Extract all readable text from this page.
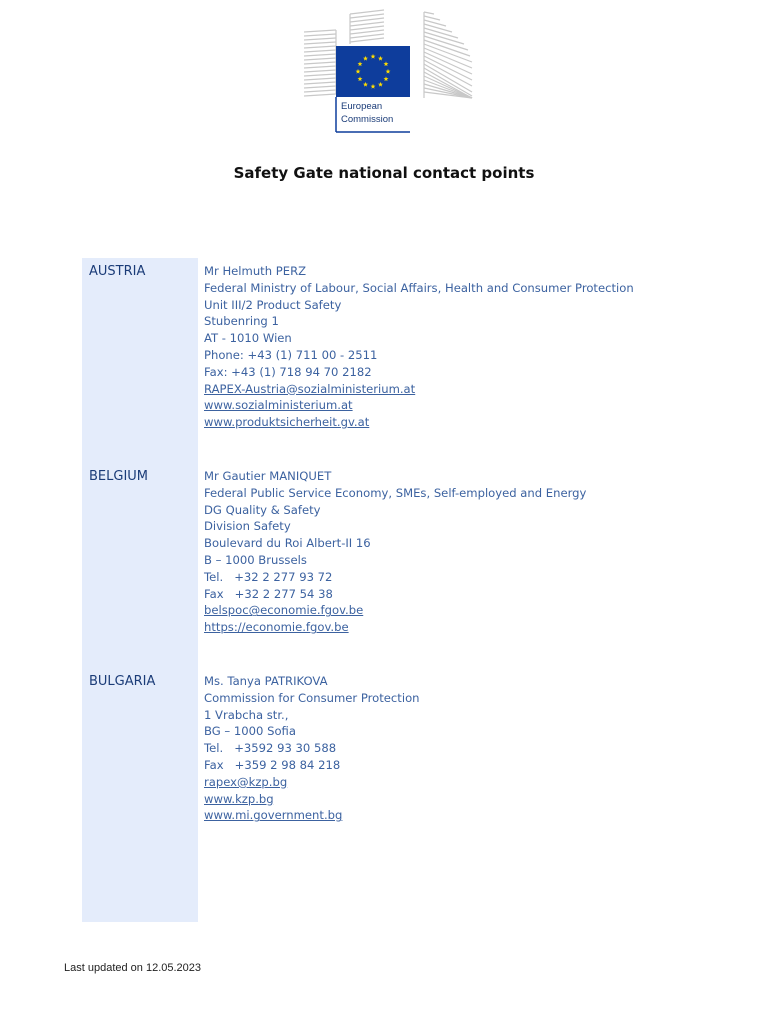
European
Commission
Safety Gate national contact points
AUSTRIA	Mr Helmuth PERZ
Federal Ministry of Labour, Social Affairs, Health and Consumer Protection
Unit III/2 Product Safety
Stubenring 1
AT - 1010 Wien
Phone: +43 (1) 711 00 - 2511
Fax: +43 (1) 718 94 70 2182
RAPEX-Austria@sozialministerium.at
www.sozialministerium.at
www.produktsicherheit.gv.at
BELGIUM	Mr Gautier MANIQUET
Federal Public Service Economy, SMEs, Self-employed and Energy
DG Quality & Safety
Division Safety
Boulevard du Roi Albert-II 16
B – 1000 Brussels
Tel.   +32 2 277 93 72
Fax   +32 2 277 54 38
belspoc@economie.fgov.be
https://economie.fgov.be
BULGARIA	Ms. Tanya PATRIKOVA
Commission for Consumer Protection
1 Vrabcha str.,
BG – 1000 Sofia
Tel.   +3592 93 30 588
Fax   +359 2 98 84 218
rapex@kzp.bg
www.kzp.bg
www.mi.government.bg
Last updated on 12.05.2023
